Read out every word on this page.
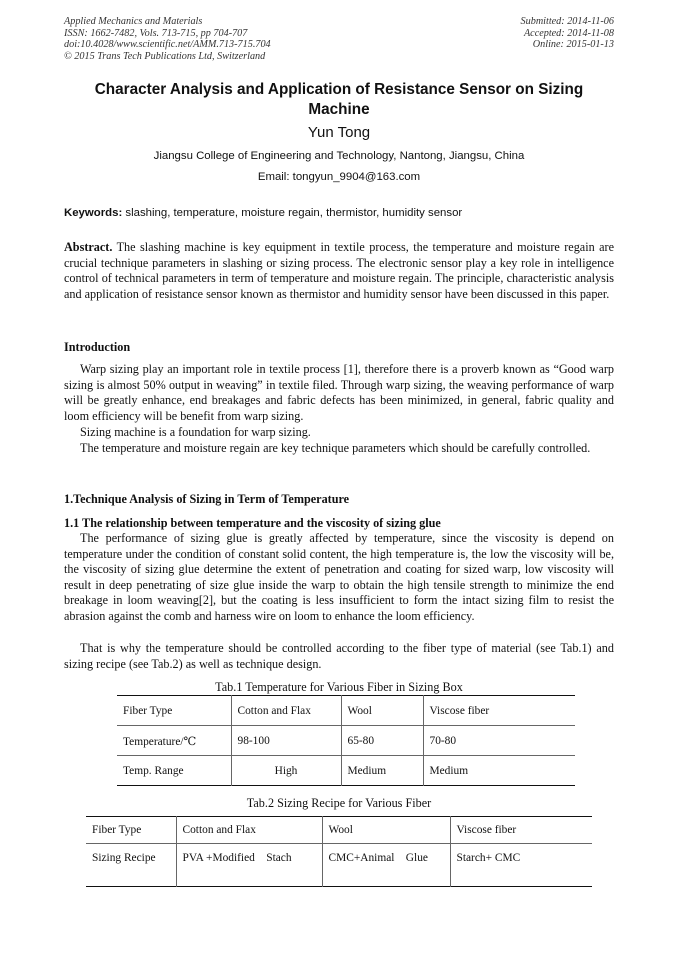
Applied Mechanics and Materials
ISSN: 1662-7482, Vols. 713-715, pp 704-707
doi:10.4028/www.scientific.net/AMM.713-715.704
© 2015 Trans Tech Publications Ltd, Switzerland
Submitted: 2014-11-06
Accepted: 2014-11-08
Online: 2015-01-13
Character Analysis and Application of Resistance Sensor on Sizing Machine
Yun Tong
Jiangsu College of Engineering and Technology, Nantong, Jiangsu, China
Email: tongyun_9904@163.com
Keywords: slashing, temperature, moisture regain, thermistor, humidity sensor
Abstract. The slashing machine is key equipment in textile process, the temperature and moisture regain are crucial technique parameters in slashing or sizing process. The electronic sensor play a key role in intelligence control of technical parameters in term of temperature and moisture regain. The principle, characteristic analysis and application of resistance sensor known as thermistor and humidity sensor have been discussed in this paper.
Introduction
Warp sizing play an important role in textile process [1], therefore there is a proverb known as “Good warp sizing is almost 50% output in weaving” in textile filed. Through warp sizing, the weaving performance of warp will be greatly enhance, end breakages and fabric defects has been minimized, in general, fabric quality and loom efficiency will be benefit from warp sizing.
Sizing machine is a foundation for warp sizing.
The temperature and moisture regain are key technique parameters which should be carefully controlled.
1.Technique Analysis of Sizing in Term of Temperature
1.1 The relationship between temperature and the viscosity of sizing glue
The performance of sizing glue is greatly affected by temperature, since the viscosity is depend on temperature under the condition of constant solid content, the high temperature is, the low the viscosity will be, the viscosity of sizing glue determine the extent of penetration and coating for sized warp, low viscosity will result in deep penetrating of size glue inside the warp to obtain the high tensile strength to minimize the end breakage in loom weaving[2], but the coating is less insufficient to form the intact sizing film to resist the abrasion against the comb and harness wire on loom to enhance the loom efficiency.
That is why the temperature should be controlled according to the fiber type of material (see Tab.1) and sizing recipe (see Tab.2) as well as technique design.
Tab.1 Temperature for Various Fiber in Sizing Box
Fiber Type	Cotton and Flax	Wool	Viscose fiber
Temperature/℃	98-100	65-80	70-80
Temp. Range	High	Medium	Medium
Tab.2 Sizing Recipe for Various Fiber
Fiber Type	Cotton and Flax	Wool	Viscose fiber
Sizing Recipe	PVA +Modified    Stach	CMC+Animal    Glue	Starch+ CMC
